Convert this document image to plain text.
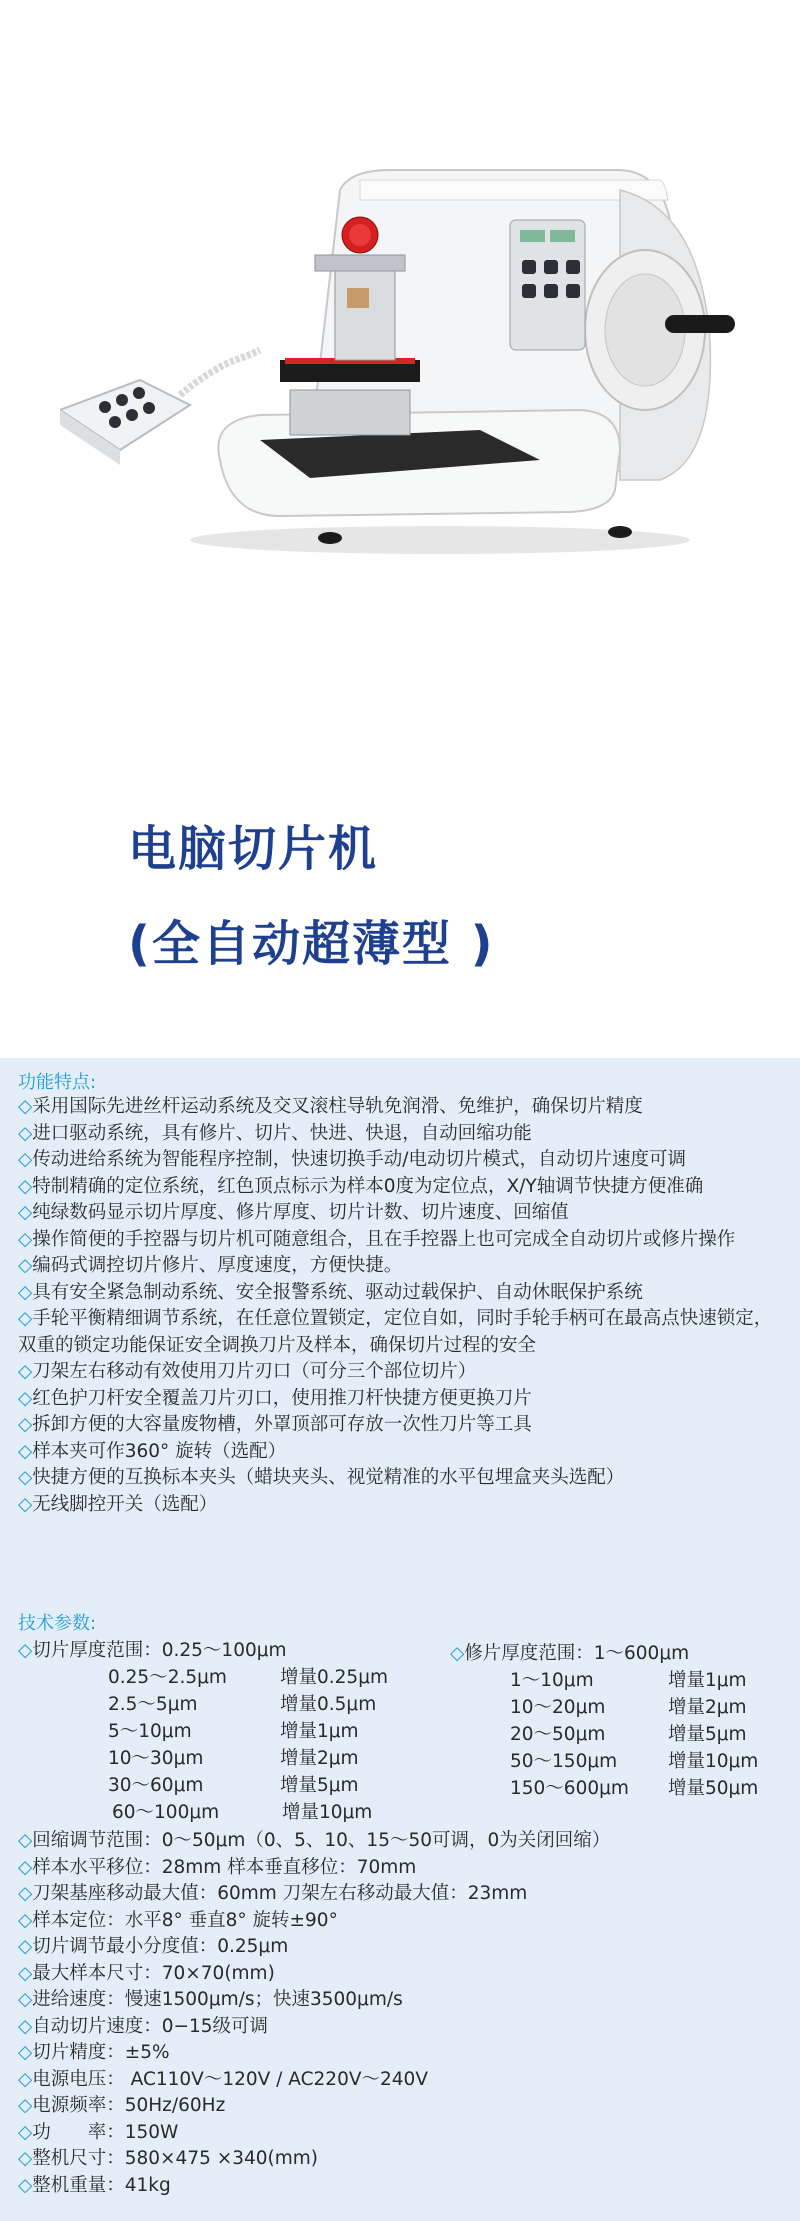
电脑切片机
(全自动超薄型 )
功能特点:
◇采用国际先进丝杆运动系统及交叉滚柱导轨免润滑、免维护，确保切片精度
◇进口驱动系统，具有修片、切片、快进、快退，自动回缩功能
◇传动进给系统为智能程序控制，快速切换手动/电动切片模式，自动切片速度可调
◇特制精确的定位系统，红色顶点标示为样本0度为定位点，X/Y轴调节快捷方便准确
◇纯绿数码显示切片厚度、修片厚度、切片计数、切片速度、回缩值
◇操作简便的手控器与切片机可随意组合，且在手控器上也可完成全自动切片或修片操作
◇编码式调控切片修片、厚度速度，方便快捷。
◇具有安全紧急制动系统、安全报警系统、驱动过载保护、自动休眠保护系统
◇手轮平衡精细调节系统，在任意位置锁定，定位自如，同时手轮手柄可在最高点快速锁定，双重的锁定功能保证安全调换刀片及样本，确保切片过程的安全
◇刀架左右移动有效使用刀片刃口（可分三个部位切片）
◇红色护刀杆安全覆盖刀片刃口，使用推刀杆快捷方便更换刀片
◇拆卸方便的大容量废物槽，外罩顶部可存放一次性刀片等工具
◇样本夹可作360° 旋转（选配）
◇快捷方便的互换标本夹头（蜡块夹头、视觉精准的水平包埋盒夹头选配）
◇无线脚控开关（选配）
技术参数:
◇切片厚度范围：0.25～100μm
0.25～2.5μm	增量0.25μm
2.5～5μm	增量0.5μm
5～10μm	增量1μm
10～30μm	增量2μm
30～60μm	增量5μm
60～100μm	增量10μm
◇修片厚度范围：1～600μm
1～10μm	增量1μm
10～20μm	增量2μm
20～50μm	增量5μm
50～150μm	增量10μm
150～600μm 增量50μm
◇回缩调节范围：0～50μm（0、5、10、15～50可调，0为关闭回缩）
◇样本水平移位：28mm 样本垂直移位：70mm
◇刀架基座移动最大值：60mm 刀架左右移动最大值：23mm
◇样本定位：水平8° 垂直8° 旋转±90°
◇切片调节最小分度值：0.25μm
◇最大样本尺寸：70×70(mm)
◇进给速度：慢速1500μm/s；快速3500μm/s
◇自动切片速度：0−15级可调
◇切片精度：±5%
◇电源电压： AC110V～120V / AC220V～240V
◇电源频率：50Hz/60Hz
◇功　　率：150W
◇整机尺寸：580×475 ×340(mm)
◇整机重量：41kg
